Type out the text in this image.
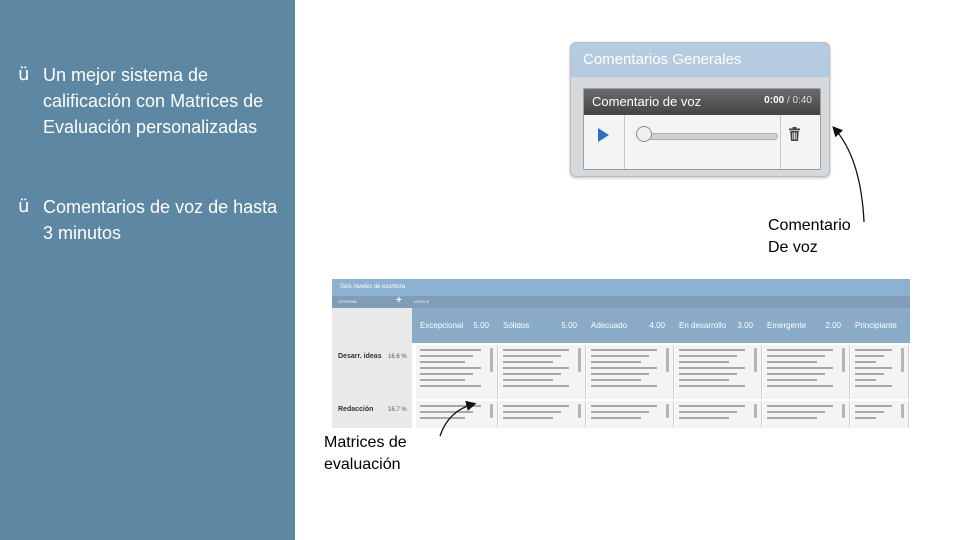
ü Un mejor sistema de calificación con Matrices de Evaluación personalizadas
ü Comentarios de voz de hasta 3 minutos
Comentarios Generales
Comentario de voz	0:00 / 0:40
Comentario
De voz
Seis niveles de escritura
CRITERIA	+	LEVELS
Excepcional 5.00 Sólidos	5.00 Adecuado	4.00 En desarrollo 3.00 Emergente 2.00 Principiante
Desarr. ideas 16.6 %
Redacción 16.7 %
Matrices de
evaluación
